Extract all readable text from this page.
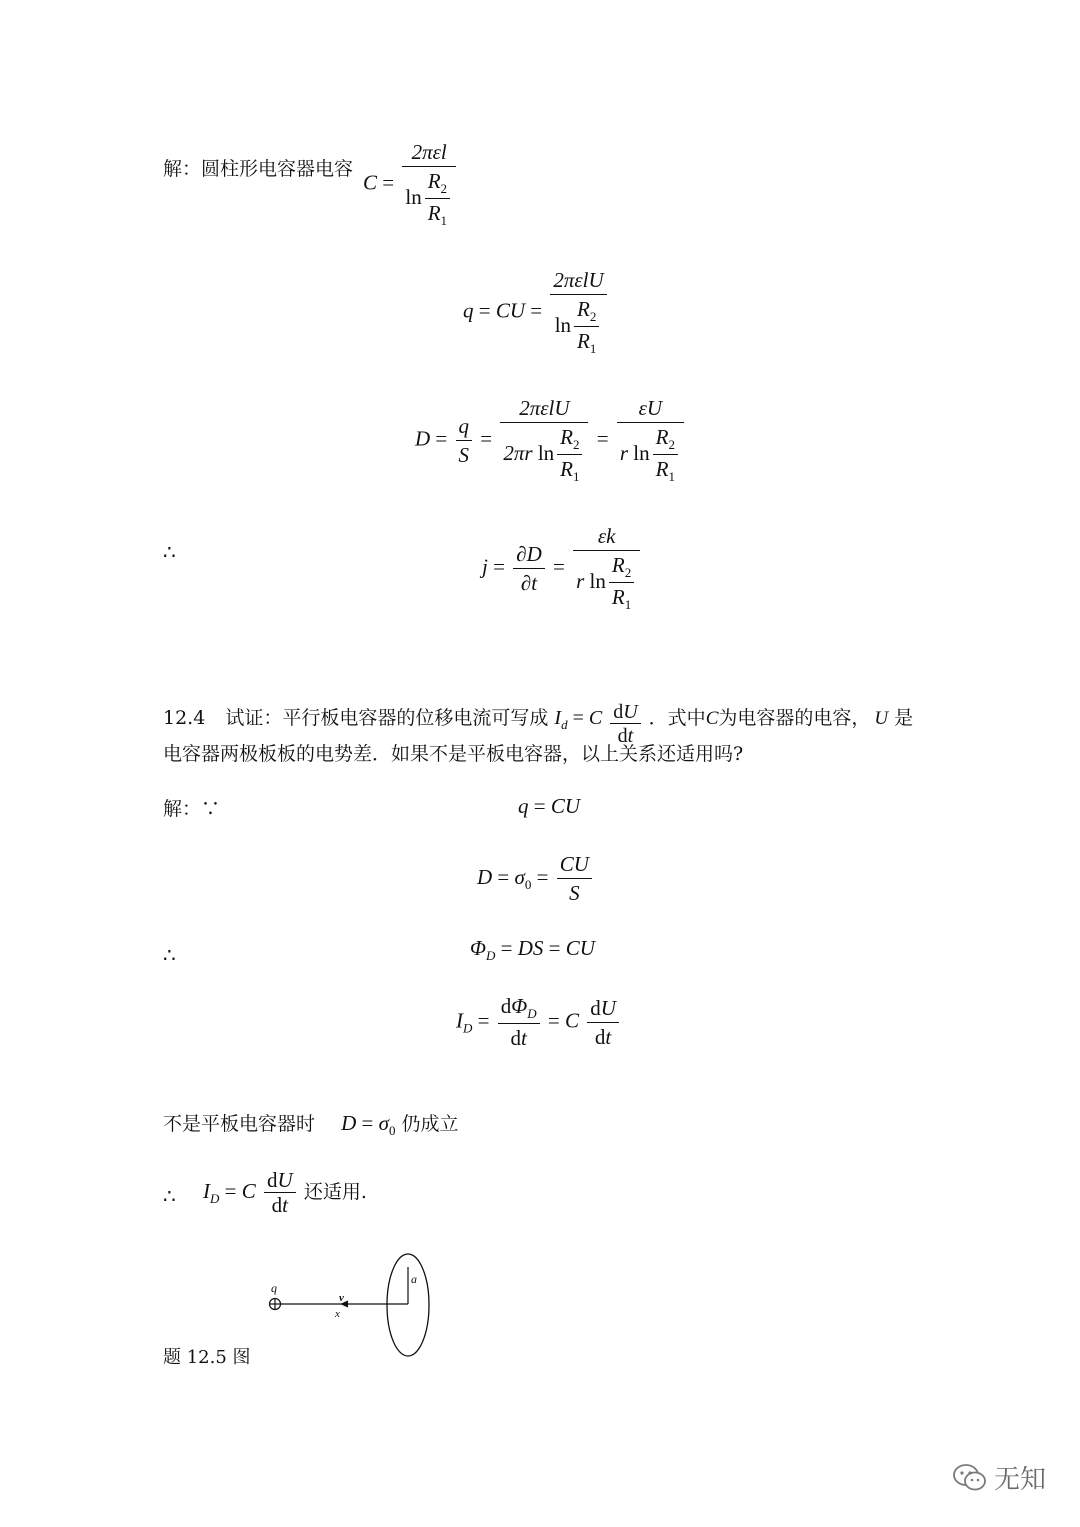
解：圆柱形电容器电容
$C = \frac{\text{2πεl}}{\ln \frac{R_2}{R_1}}$
q = CU = $\frac{\text{2πεlU}}{\ln \frac{R_2}{R_1}}$
$D = \frac{q}{S} = \frac{\text{2πεlU}}{2\pi r \ln \frac{R_2}{R_1}} = \frac{\varepsilon U}{r \ln \frac{R_2}{R_1}}$
∴
$j = \frac{\partial D}{\partial t} = \frac{\varepsilon k}{r \ln \frac{R_2}{R_1}}$
12.4 试证：平行板电容器的位移电流可写成 $I_d = C \frac{dU}{dt}$ ．式中C为电容器的电容， U 是
电容器两极板板的电势差．如果不是平板电容器，以上关系还适用吗?
解：∵	q = CU
$D = \sigma_0 = \frac{CU}{S}$
∴	$\Phi_D$ = DS = CU
$I_D = \frac{d\Phi_D}{dt} = C \frac{dU}{dt}$
不是平板电容器时 $D = \sigma_0$ 仍成立
∴ $I_D = C \frac{dU}{dt}$ 还适用.
q
v
x
a
题 12.5 图
无知
